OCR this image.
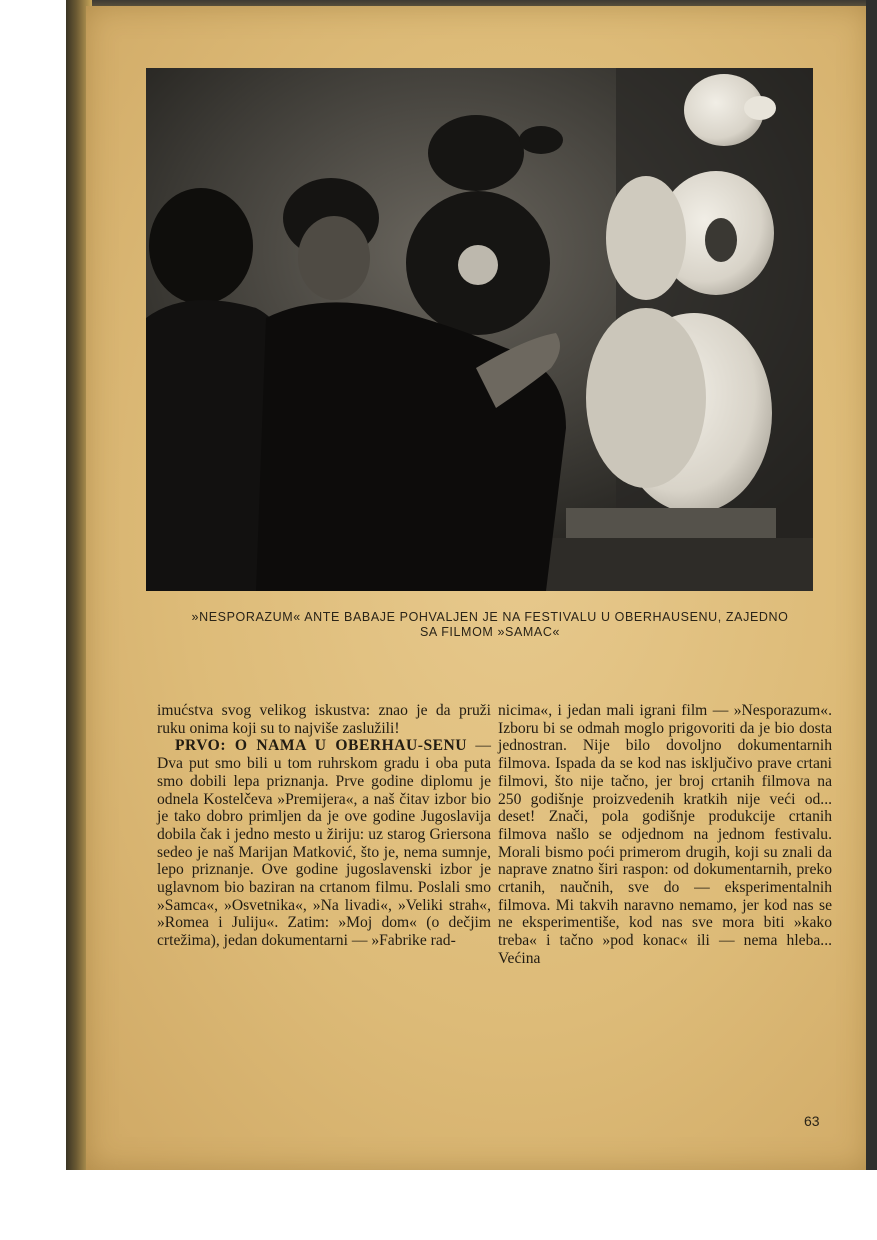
»NESPORAZUM« ANTE BABAJE POHVALJEN JE NA FESTIVALU U OBERHAUSENU, ZAJEDNO
SA FILMOM »SAMAC«

imućstva svog velikog iskustva: znao je da pruži ruku onima koji su to najviše zaslužili!

PRVO: O NAMA U OBERHAU-SENU — Dva put smo bili u tom ruhrskom gradu i oba puta smo dobili lepa priznanja. Prve godine diplomu je odnela Kostelčeva »Premijera«, a naš čitav izbor bio je tako dobro primljen da je ove godine Jugoslavija dobila čak i jedno mesto u žiriju: uz starog Griersona sedeo je naš Marijan Matković, što je, nema sumnje, lepo priznanje. Ove godine jugoslavenski izbor je uglavnom bio baziran na crtanom filmu. Poslali smo »Samca«, »Osvetnika«, »Na livadi«, »Veliki strah«, »Romea i Juliju«. Zatim: »Moj dom« (o dečjim crtežima), jedan dokumentarni — »Fabrike rad-

nicima«, i jedan mali igrani film — »Nesporazum«. Izboru bi se odmah moglo prigovoriti da je bio dosta jednostran. Nije bilo dovoljno dokumentarnih filmova. Ispada da se kod nas isključivo prave crtani filmovi, što nije tačno, jer broj crtanih filmova na 250 godišnje proizvedenih kratkih nije veći od... deset! Znači, pola godišnje produkcije crtanih filmova našlo se odjednom na jednom festivalu. Morali bismo poći primerom drugih, koji su znali da naprave znatno širi raspon: od dokumentarnih, preko crtanih, naučnih, sve do — eksperimentalnih filmova. Mi takvih naravno nemamo, jer kod nas se ne eksperimentiše, kod nas sve mora biti »kako treba« i tačno »pod konac« ili — nema hleba... Većina

63
